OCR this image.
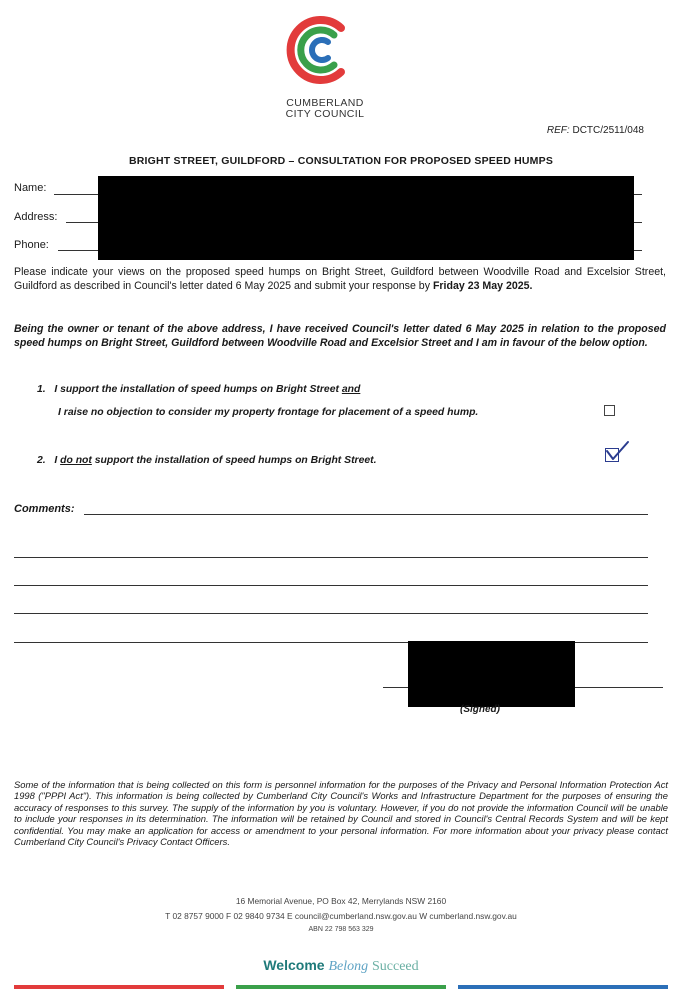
CUMBERLAND
CITY COUNCIL
REF: DCTC/2511/048
BRIGHT STREET, GUILDFORD – CONSULTATION FOR PROPOSED SPEED HUMPS
Name:
Address:
Phone:
Please indicate your views on the proposed speed humps on Bright Street, Guildford between Woodville Road and Excelsior Street, Guildford as described in Council's letter dated 6 May 2025 and submit your response by Friday 23 May 2025.
Being the owner or tenant of the above address, I have received Council's letter dated 6 May 2025 in relation to the proposed speed humps on Bright Street, Guildford between Woodville Road and Excelsior Street and I am in favour of the below option.
1. I support the installation of speed humps on Bright Street and
I raise no objection to consider my property frontage for placement of a speed hump.
2. I do not support the installation of speed humps on Bright Street.
Comments:
(Signed)
Some of the information that is being collected on this form is personnel information for the purposes of the Privacy and Personal Information Protection Act 1998 ("PPPI Act"). This information is being collected by Cumberland City Council's Works and Infrastructure Department for the purposes of ensuring the accuracy of responses to this survey. The supply of the information by you is voluntary. However, if you do not provide the information Council will be unable to include your responses in its determination. The information will be retained by Council and stored in Council's Central Records System and will be kept confidential. You may make an application for access or amendment to your personal information. For more information about your privacy please contact Cumberland City Council's Privacy Contact Officers.
16 Memorial Avenue, PO Box 42, Merrylands NSW 2160
T 02 8757 9000 F 02 9840 9734 E council@cumberland.nsw.gov.au W cumberland.nsw.gov.au
ABN 22 798 563 329
Welcome Belong Succeed
